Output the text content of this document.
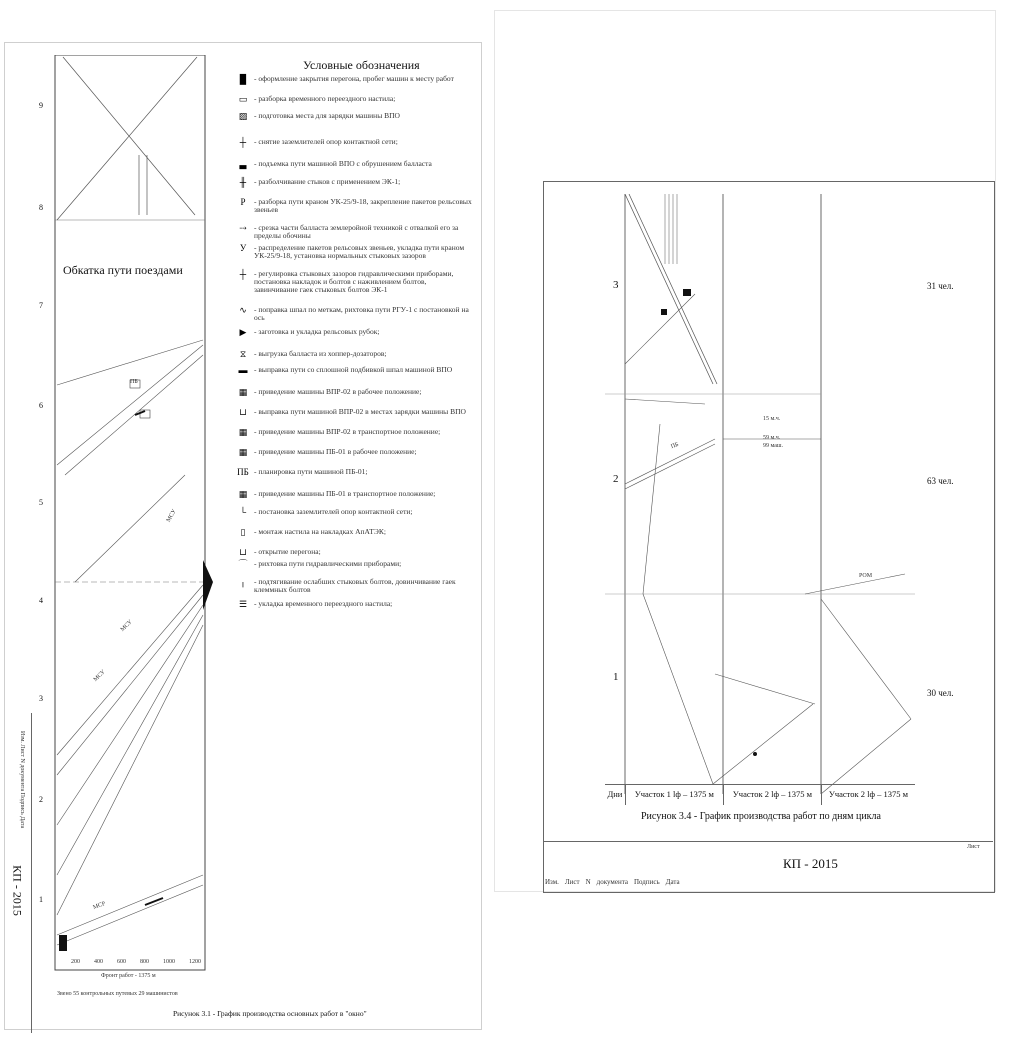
КП - 2015
Изм. Лист N документа Подпись Дата
9
8
7
6
5
4
3
2
1
МСУ
МСУ
МСУ
ПБ
МСР
Обкатка пути поездами
200 400 600 800 1000 1200
Фронт работ - 1375 м
Звено 55 контрольных путевых 29 машинистов
Рисунок 3.1 - График производства основных работ в "окно"
Условные обозначения
█	- оформление закрытия перегона, пробег машин к месту работ
▭ - разборка временного переездного настила;
▨ - подготовка места для зарядки машины ВПО
┼	- снятие заземлителей опор контактной сети;
▃	- подъемка пути машиной ВПО с обрушением балласта
╫	- разболчивание стыков с применением ЭК-1;
Р	- разборка пути краном УК-25/9-18, закрепление пакетов рельсовых звеньев
⇢ - срезка части балласта землеройной техникой с отвалкой его за пределы обочины
У	- распределение пакетов рельсовых звеньев, укладка пути краном УК-25/9-18, установка нормальных стыковых зазоров
┼	- регулировка стыковых зазоров гидравлическими приборами, постановка накладок и болтов с наживлением болтов, завинчивание гаек стыковых болтов ЭК-1
∿ - поправка шпал по меткам, рихтовка пути РГУ-1 с постановкой на ось
▶	- заготовка и укладка рельсовых рубок;
⧖	- выгрузка балласта из хоппер-дозаторов;
▬ - выправка пути со сплошной подбивкой шпал машиной ВПО
▦ - приведение машины ВПР-02 в рабочее положение;
⊔ - выправка пути машиной ВПР-02 в местах зарядки машины ВПО
▦ - приведение машины ВПР-02 в транспортное положение;
▦ - приведение машины ПБ-01 в рабочее положение;
ПБ - планировка пути машиной ПБ-01;
▦ - приведение машины ПБ-01 в транспортное положение;
└	- постановка заземлителей опор контактной сети;
▯	- монтаж настила на накладках АпАТЭК;
⊔ - открытие перегона;
⌒ - рихтовка пути гидравлическими приборами;
╷	- подтягивание ослабших стыковых болтов, довинчивание гаек клеммных болтов
☰ - укладка временного переездного настила;
3
2
1
31 чел.
63 чел.
30 чел.
15 м.ч.
59 м.ч.
99 маш.
РОМ
ПБ
Дни	Участок 1 lф – 1375 м	Участок 2 lф – 1375 м	Участок 2 lф – 1375 м
Рисунок 3.4 - График производства работ по дням цикла
КП - 2015
Лист
Изм. Лист N документа Подпись Дата
